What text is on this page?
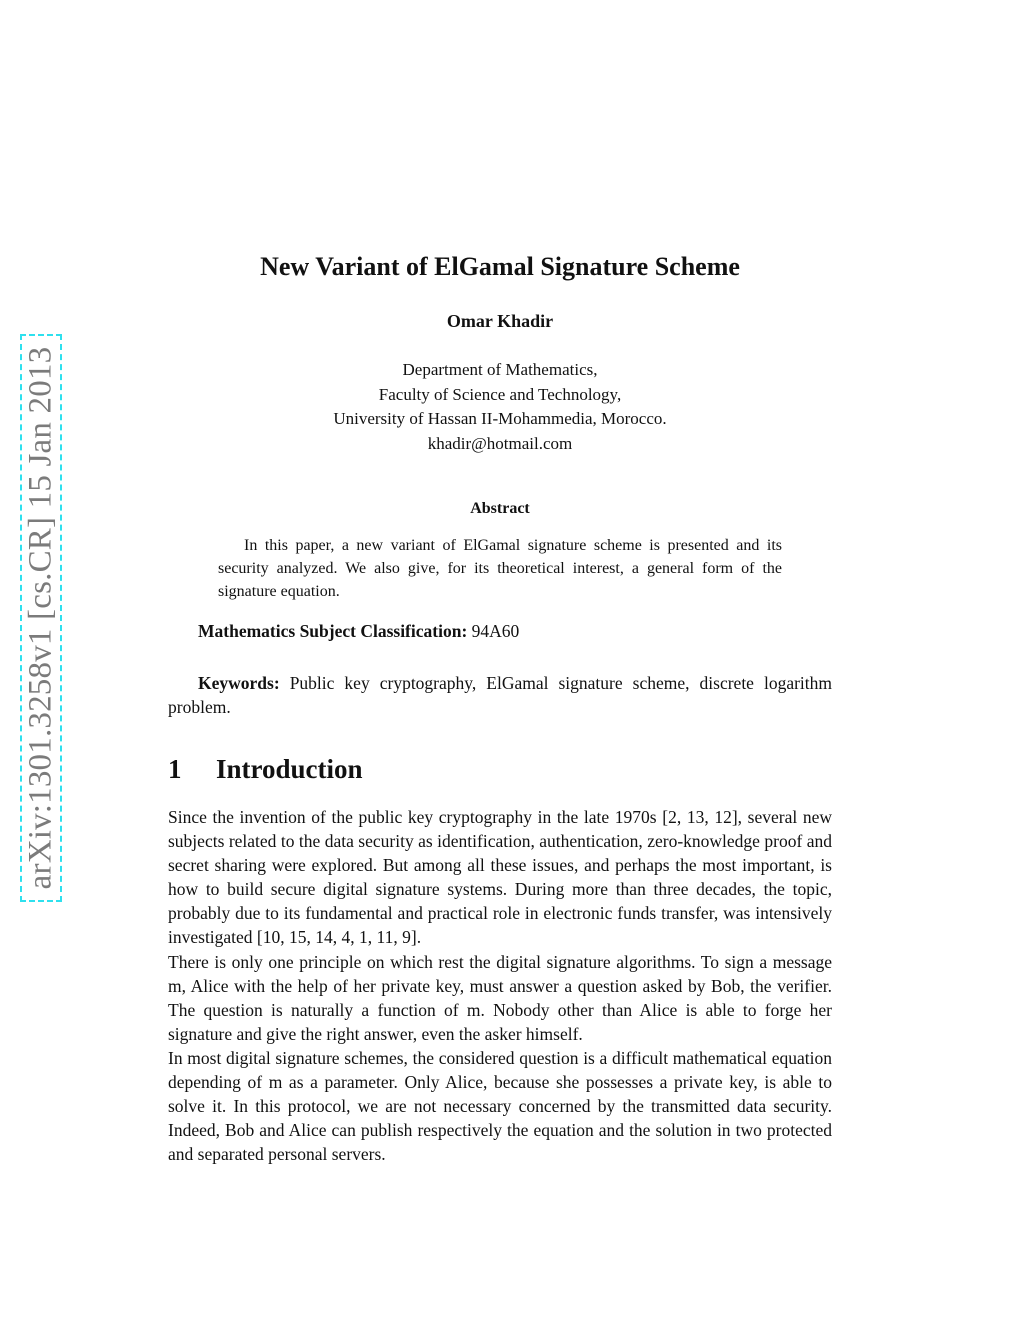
arXiv:1301.3258v1 [cs.CR] 15 Jan 2013
New Variant of ElGamal Signature Scheme
Omar Khadir
Department of Mathematics,
Faculty of Science and Technology,
University of Hassan II-Mohammedia, Morocco.
khadir@hotmail.com
Abstract
In this paper, a new variant of ElGamal signature scheme is presented and its security analyzed. We also give, for its theoretical interest, a general form of the signature equation.
Mathematics Subject Classification: 94A60
Keywords: Public key cryptography, ElGamal signature scheme, discrete logarithm problem.
1 Introduction

Since the invention of the public key cryptography in the late 1970s [2, 13, 12], several new subjects related to the data security as identification, authentication, zero-knowledge proof and secret sharing were explored. But among all these issues, and perhaps the most important, is how to build secure digital signature systems. During more than three decades, the topic, probably due to its fundamental and practical role in electronic funds transfer, was intensively investigated [10, 15, 14, 4, 1, 11, 9].

There is only one principle on which rest the digital signature algorithms. To sign a message m, Alice with the help of her private key, must answer a question asked by Bob, the verifier. The question is naturally a function of m. Nobody other than Alice is able to forge her signature and give the right answer, even the asker himself.

In most digital signature schemes, the considered question is a difficult mathematical equation depending of m as a parameter. Only Alice, because she possesses a private key, is able to solve it. In this protocol, we are not necessary concerned by the transmitted data security. Indeed, Bob and Alice can publish respectively the equation and the solution in two protected and separated personal servers.
